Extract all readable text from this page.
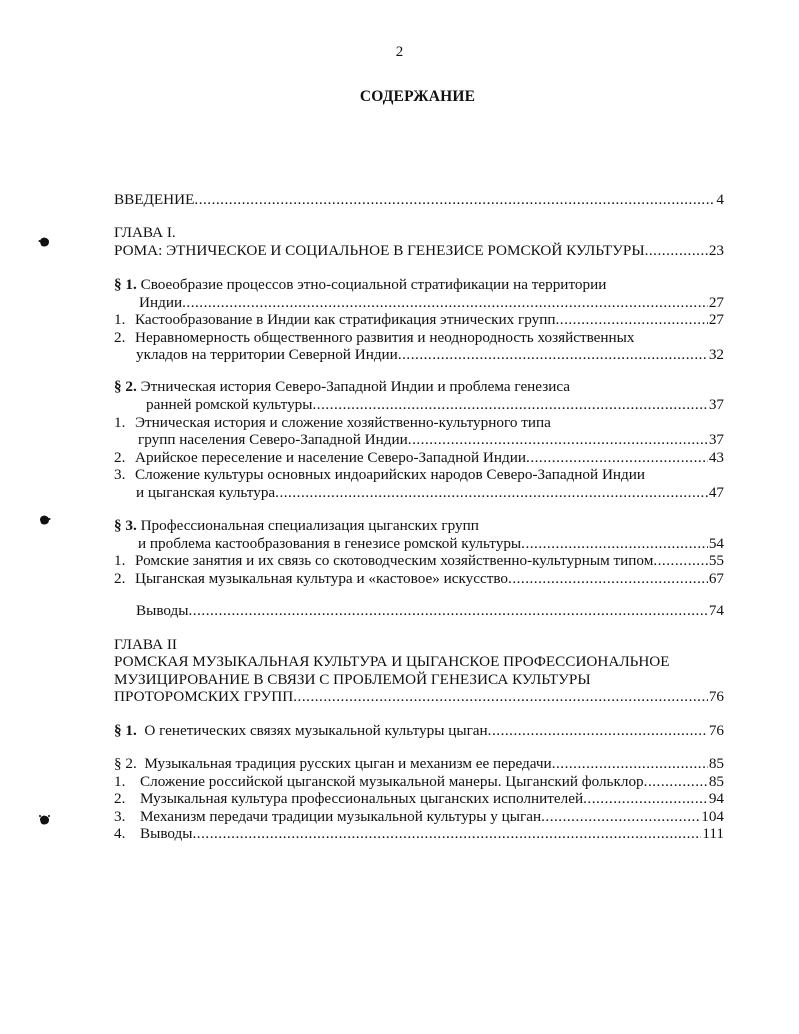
2
СОДЕРЖАНИЕ
ВВЕДЕНИЕ .....	4
ГЛАВА I.
РОМА: ЭТНИЧЕСКОЕ И СОЦИАЛЬНОЕ В ГЕНЕЗИСЕ РОМСКОЙ КУЛЬТУРЫ .....	23
§ 1. Своеобразие процессов этно-социальной стратификации на территории
Индии .....	27
1. Кастообразование в Индии как стратификация этнических групп .....	27
2. Неравномерность общественного развития и неоднородность хозяйственных
укладов на территории Северной Индии .....	32
§ 2. Этническая история Северо-Западной Индии и проблема генезиса
ранней ромской культуры .....	37
1. Этническая история и сложение хозяйственно-культурного типа
групп населения Северо-Западной Индии .....	37
2. Арийское переселение и население Северо-Западной Индии .....	43
3. Сложение культуры основных индоарийских народов Северо-Западной Индии
и цыганская культура .....	47
§ 3. Профессиональная специализация цыганских групп
и проблема кастообразования в генезисе ромской культуры .....	54
1. Ромские занятия и их связь со скотоводческим хозяйственно-культурным типом .....	55
2. Цыганская музыкальная культура и «кастовое» искусство .....	67
Выводы .....	74
ГЛАВА II
РОМСКАЯ МУЗЫКАЛЬНАЯ КУЛЬТУРА И ЦЫГАНСКОЕ ПРОФЕССИОНАЛЬНОЕ
МУЗИЦИРОВАНИЕ В СВЯЗИ С ПРОБЛЕМОЙ ГЕНЕЗИСА КУЛЬТУРЫ
ПРОТОРОМСКИХ ГРУПП .....	76
§ 1. О генетических связях музыкальной культуры цыган .....	76
§ 2. Музыкальная традиция русских цыган и механизм ее передачи .....	85
1. Сложение российской цыганской музыкальной манеры. Цыганский фольклор .....	85
2. Музыкальная культура профессиональных цыганских исполнителей .....	94
3. Механизм передачи традиции музыкальной культуры у цыган .....	104
4. Выводы .....	111
